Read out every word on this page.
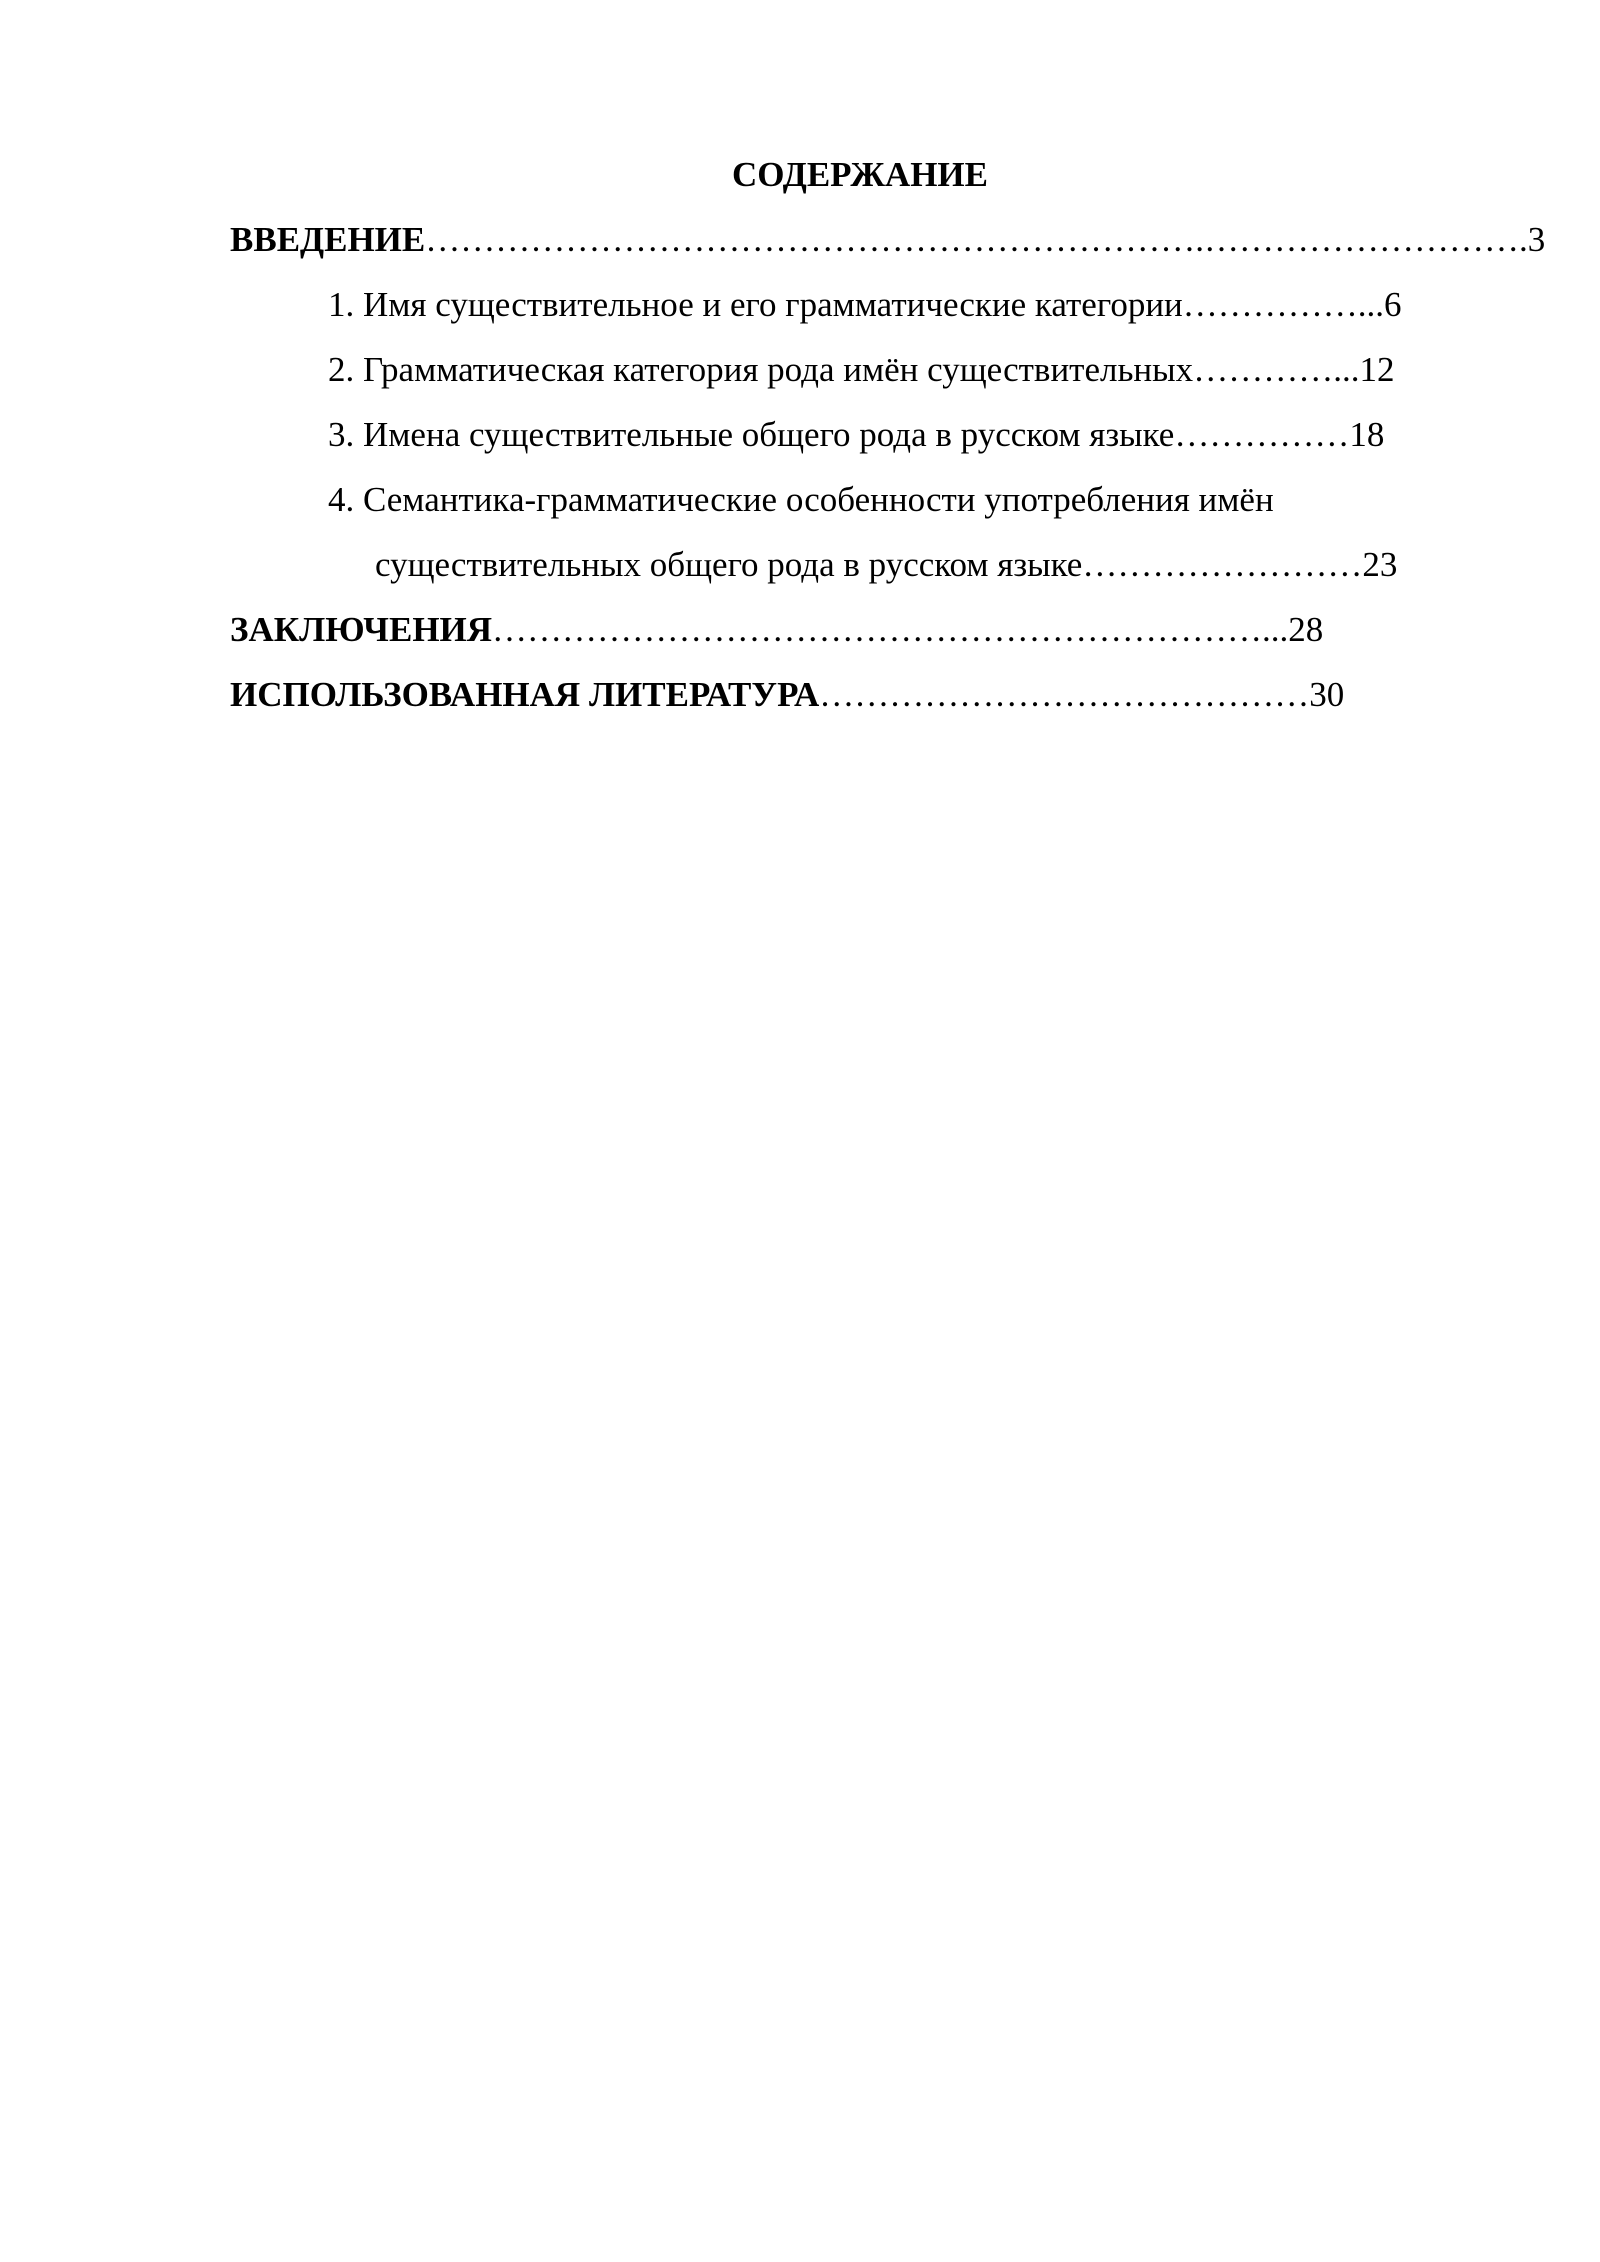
СОДЕРЖАНИЕ

ВВЕДЕНИЕ………………………………………………………….……………………….3

1. Имя существительное и его грамматические категории……………...6

2. Грамматическая категория рода имён существительных…………...12

3. Имена существительные общего рода в русском языке……………18

4. Семантика-грамматические особенности употребления имён

существительных общего рода в русском языке……………………23

ЗАКЛЮЧЕНИЯ…………………………………………………………...28

ИСПОЛЬЗОВАННАЯ ЛИТЕРАТУРА……………………………………30
